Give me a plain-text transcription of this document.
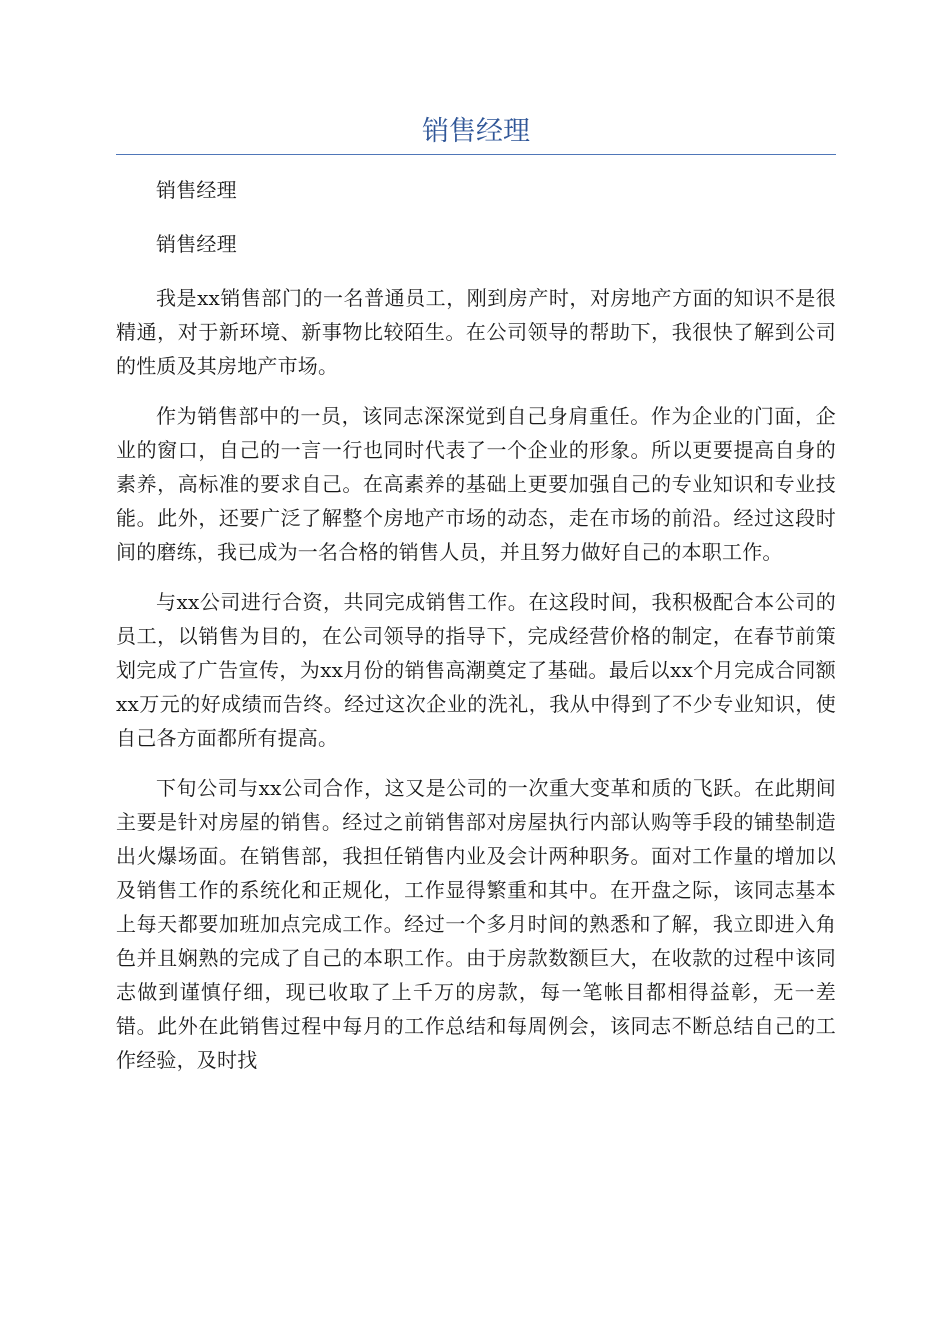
销售经理

销售经理

销售经理

我是xx销售部门的一名普通员工，刚到房产时，对房地产方面的知识不是很精通，对于新环境、新事物比较陌生。在公司领导的帮助下，我很快了解到公司的性质及其房地产市场。

作为销售部中的一员，该同志深深觉到自己身肩重任。作为企业的门面，企业的窗口，自己的一言一行也同时代表了一个企业的形象。所以更要提高自身的素养，高标准的要求自己。在高素养的基础上更要加强自己的专业知识和专业技能。此外，还要广泛了解整个房地产市场的动态，走在市场的前沿。经过这段时间的磨练，我已成为一名合格的销售人员，并且努力做好自己的本职工作。

与xx公司进行合资，共同完成销售工作。在这段时间，我积极配合本公司的员工，以销售为目的，在公司领导的指导下，完成经营价格的制定，在春节前策划完成了广告宣传，为xx月份的销售高潮奠定了基础。最后以xx个月完成合同额xx万元的好成绩而告终。经过这次企业的洗礼，我从中得到了不少专业知识，使自己各方面都所有提高。

下旬公司与xx公司合作，这又是公司的一次重大变革和质的飞跃。在此期间主要是针对房屋的销售。经过之前销售部对房屋执行内部认购等手段的铺垫制造出火爆场面。在销售部，我担任销售内业及会计两种职务。面对工作量的增加以及销售工作的系统化和正规化，工作显得繁重和其中。在开盘之际，该同志基本上每天都要加班加点完成工作。经过一个多月时间的熟悉和了解，我立即进入角色并且娴熟的完成了自己的本职工作。由于房款数额巨大，在收款的过程中该同志做到谨慎仔细，现已收取了上千万的房款，每一笔帐目都相得益彰，无一差错。此外在此销售过程中每月的工作总结和每周例会，该同志不断总结自己的工作经验，及时找
